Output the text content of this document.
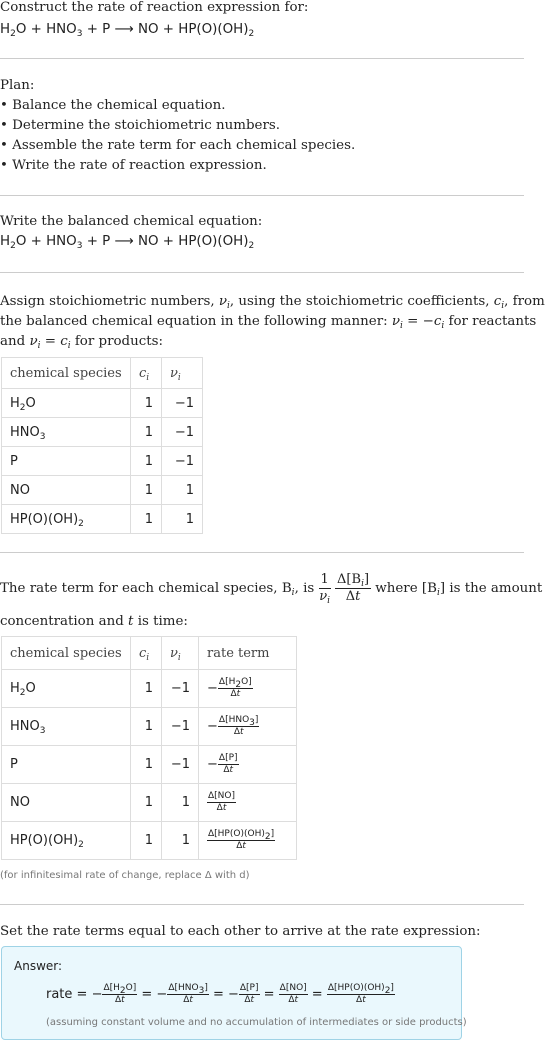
Construct the rate of reaction expression for:
$H_2O + HNO_3 + P$ ⟶ NO + $HP(O)(OH)_2$
Plan:
• Balance the chemical equation.
• Determine the stoichiometric numbers.
• Assemble the rate term for each chemical species.
• Write the rate of reaction expression.
Write the balanced chemical equation:
$H_2O + HNO_3 + P$ ⟶ NO + $HP(O)(OH)_2$
Assign stoichiometric numbers, $\nu_i$, using the stoichiometric coefficients, $c_i$, from
the balanced chemical equation in the following manner: $\nu_i = -c_i$ for reactants
and $\nu_i = c_i$ for products:
chemical species	$c_i$	$\nu_i$
$H_2O$	1	−1
$HNO_3$	1	−1
P	1	−1
NO	1	1
$HP(O)(OH)_2$	1	1
The rate term for each chemical species, $B_i$, is $\frac{1}{\nu_i}$
$\frac{\Delta[B_i]}{\Delta t}$ where $[B_i]$ is the amount
concentration and t is time:
chemical species	$c_i$	$\nu_i$	rate term
$H_2O$	1	−1	− $\frac{\Delta[H_2O]}{\Delta t}$

$HNO_3$	1	−1	− $\frac{\Delta[HNO_3]}{\Delta t}$

P	1	−1	− $\frac{\Delta[P]}{\Delta t}$

NO	1	1	$\frac{\Delta[NO]}{\Delta t}$

$HP(O)(OH)_2$	1	1	$\frac{\Delta[HP(O)(OH)_2]}{\Delta t}$
(for infinitesimal rate of change, replace Δ with d)
Set the rate terms equal to each other to arrive at the rate expression:
Answer:
rate = − $\frac{\Delta[H_2O]}{\Delta t}$ = − $\frac{\Delta[HNO_3]}{\Delta t}$ = − $\frac{\Delta[P]}{\Delta t} = \frac{\Delta[NO]}{\Delta t} = \frac{\Delta[HP(O)(OH)_2]}{\Delta t}$
(assuming constant volume and no accumulation of intermediates or side products)
